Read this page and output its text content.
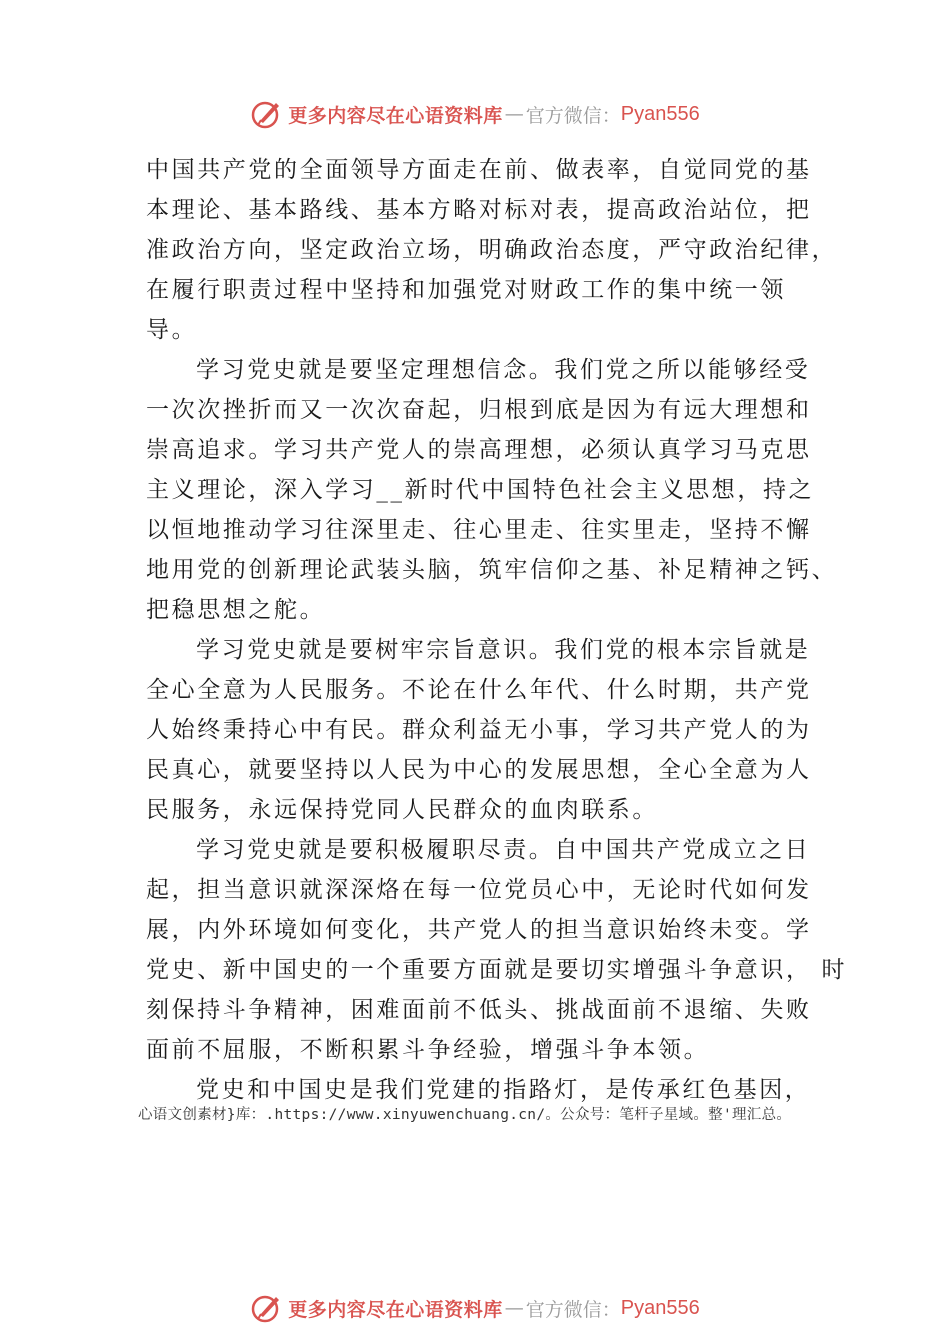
更多内容尽在心语资料库 — 官方微信： Pyan556
中国共产党的全面领导方面走在前、做表率，自觉同党的基
本理论、基本路线、基本方略对标对表，提高政治站位，把
准政治方向，坚定政治立场，明确政治态度，严守政治纪律，
在履行职责过程中坚持和加强党对财政工作的集中统一领
导。
学习党史就是要坚定理想信念。我们党之所以能够经受
一次次挫折而又一次次奋起，归根到底是因为有远大理想和
崇高追求。学习共产党人的崇高理想，必须认真学习马克思
主义理论，深入学习__新时代中国特色社会主义思想，持之
以恒地推动学习往深里走、往心里走、往实里走，坚持不懈
地用党的创新理论武装头脑，筑牢信仰之基、补足精神之钙、
把稳思想之舵。
学习党史就是要树牢宗旨意识。我们党的根本宗旨就是
全心全意为人民服务。不论在什么年代、什么时期，共产党
人始终秉持心中有民。群众利益无小事，学习共产党人的为
民真心，就要坚持以人民为中心的发展思想，全心全意为人
民服务，永远保持党同人民群众的血肉联系。
学习党史就是要积极履职尽责。自中国共产党成立之日
起，担当意识就深深烙在每一位党员心中，无论时代如何发
展，内外环境如何变化，共产党人的担当意识始终未变。学
党史、新中国史的一个重要方面就是要切实增强斗争意识， 时
刻保持斗争精神，困难面前不低头、挑战面前不退缩、失败
面前不屈服，不断积累斗争经验，增强斗争本领。
党史和中国史是我们党建的指路灯，是传承红色基因，
心语文创素材}库：.https://www.xinyuwenchuang.cn/。公众号：笔杆子星域。整'理汇总。
更多内容尽在心语资料库 — 官方微信： Pyan556
